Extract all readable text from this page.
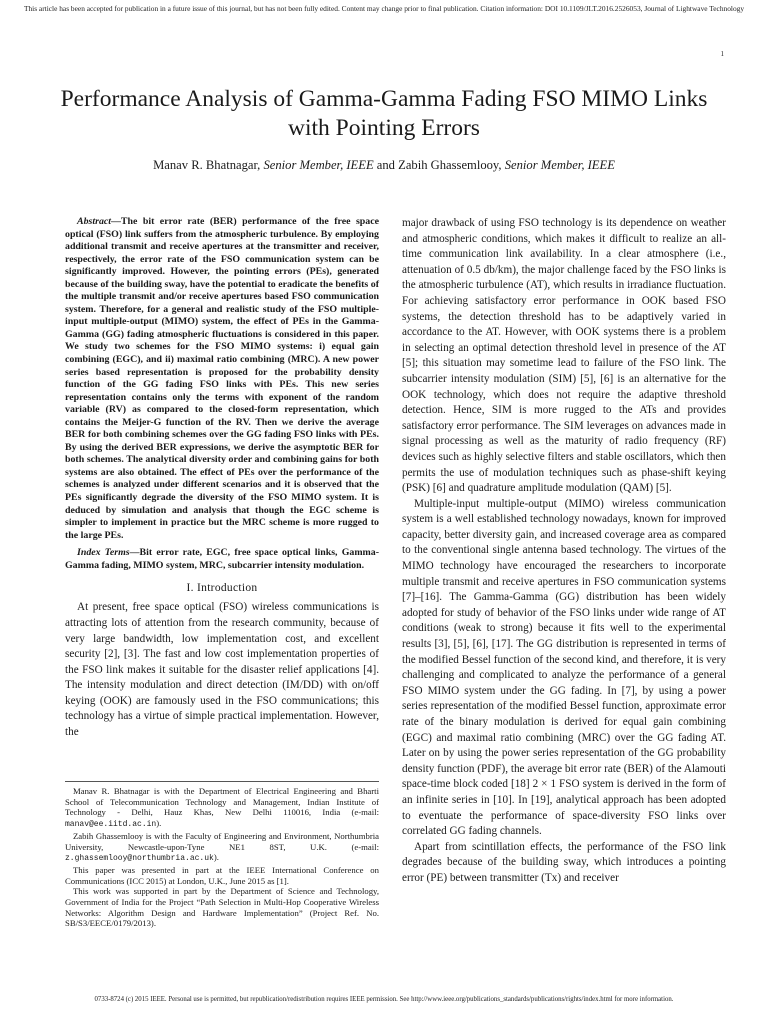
This article has been accepted for publication in a future issue of this journal, but has not been fully edited. Content may change prior to final publication. Citation information: DOI 10.1109/JLT.2016.2526053, Journal of Lightwave Technology
1
Performance Analysis of Gamma-Gamma Fading FSO MIMO Links with Pointing Errors
Manav R. Bhatnagar, Senior Member, IEEE and Zabih Ghassemlooy, Senior Member, IEEE

Abstract—The bit error rate (BER) performance of the free space optical (FSO) link suffers from the atmospheric turbulence. By employing additional transmit and receive apertures at the transmitter and receiver, respectively, the error rate of the FSO communication system can be significantly improved. However, the pointing errors (PEs), generated because of the building sway, have the potential to eradicate the benefits of the multiple transmit and/or receive apertures based FSO communication system. Therefore, for a general and realistic study of the FSO multiple-input multiple-output (MIMO) system, the effect of PEs in the Gamma-Gamma (GG) fading atmospheric fluctuations is considered in this paper. We study two schemes for the FSO MIMO systems: i) equal gain combining (EGC), and ii) maximal ratio combining (MRC). A new power series based representation is proposed for the probability density function of the GG fading FSO links with PEs. This new series representation contains only the terms with exponent of the random variable (RV) as compared to the closed-form representation, which contains the Meijer-G function of the RV. Then we derive the average BER for both combining schemes over the GG fading FSO links with PEs. By using the derived BER expressions, we derive the asymptotic BER for both schemes. The analytical diversity order and combining gains for both systems are also obtained. The effect of PEs over the performance of the schemes is analyzed under different scenarios and it is observed that the PEs significantly degrade the diversity of the FSO MIMO system. It is deduced by simulation and analysis that though the EGC scheme is simpler to implement in practice but the MRC scheme is more rugged to the large PEs.

Index Terms—Bit error rate, EGC, free space optical links, Gamma-Gamma fading, MIMO system, MRC, subcarrier intensity modulation.

I. Introduction

At present, free space optical (FSO) wireless communications is attracting lots of attention from the research community, because of very large bandwidth, low implementation cost, and excellent security [2], [3]. The fast and low cost implementation properties of the FSO link makes it suitable for the disaster relief applications [4]. The intensity modulation and direct detection (IM/DD) with on/off keying (OOK) are famously used in the FSO communications; this technology has a virtue of simple practical implementation. However, the

Manav R. Bhatnagar is with the Department of Electrical Engineering and Bharti School of Telecommunication Technology and Management, Indian Institute of Technology - Delhi, Hauz Khas, New Delhi 110016, India (e-mail: manav@ee.iitd.ac.in).

Zabih Ghassemlooy is with the Faculty of Engineering and Environment, Northumbria University, Newcastle-upon-Tyne NE1 8ST, U.K. (e-mail: z.ghassemlooy@northumbria.ac.uk).

This paper was presented in part at the IEEE International Conference on Communications (ICC 2015) at London, U.K., June 2015 as [1].

This work was supported in part by the Department of Science and Technology, Government of India for the Project “Path Selection in Multi-Hop Cooperative Wireless Networks: Algorithm Design and Hardware Implementation” (Project Ref. No. SB/S3/EECE/0179/2013).

major drawback of using FSO technology is its dependence on weather and atmospheric conditions, which makes it difficult to realize an all-time communication link availability. In a clear atmosphere (i.e., attenuation of 0.5 db/km), the major challenge faced by the FSO links is the atmospheric turbulence (AT), which results in irradiance fluctuation. For achieving satisfactory error performance in OOK based FSO systems, the detection threshold has to be adaptively varied in accordance to the AT. However, with OOK systems there is a problem in selecting an optimal detection threshold level in presence of the AT [5]; this situation may sometime lead to failure of the FSO link. The subcarrier intensity modulation (SIM) [5], [6] is an alternative for the OOK technology, which does not require the adaptive threshold detection. Hence, SIM is more rugged to the ATs and provides satisfactory error performance. The SIM leverages on advances made in signal processing as well as the maturity of radio frequency (RF) devices such as highly selective filters and stable oscillators, which then permits the use of modulation techniques such as phase-shift keying (PSK) [6] and quadrature amplitude modulation (QAM) [5].

Multiple-input multiple-output (MIMO) wireless communication system is a well established technology nowadays, known for improved capacity, better diversity gain, and increased coverage area as compared to the conventional single antenna based technology. The virtues of the MIMO technology have encouraged the researchers to incorporate multiple transmit and receive apertures in FSO communication systems [7]–[16]. The Gamma-Gamma (GG) distribution has been widely adopted for study of behavior of the FSO links under wide range of AT conditions (weak to strong) because it fits well to the experimental results [3], [5], [6], [17]. The GG distribution is represented in terms of the modified Bessel function of the second kind, and therefore, it is very challenging and complicated to analyze the performance of a general FSO MIMO system under the GG fading. In [7], by using a power series representation of the modified Bessel function, approximate error rate of the binary modulation is derived for equal gain combining (EGC) and maximal ratio combining (MRC) over the GG fading AT. Later on by using the power series representation of the GG probability density function (PDF), the average bit error rate (BER) of the Alamouti space-time block coded [18] 2 × 1 FSO system is derived in the form of an infinite series in [10]. In [19], analytical approach has been adopted to eventuate the performance of space-diversity FSO links over correlated GG fading channels.

Apart from scintillation effects, the performance of the FSO link degrades because of the building sway, which introduces a pointing error (PE) between transmitter (Tx) and receiver

0733-8724 (c) 2015 IEEE. Personal use is permitted, but republication/redistribution requires IEEE permission. See http://www.ieee.org/publications_standards/publications/rights/index.html for more information.
